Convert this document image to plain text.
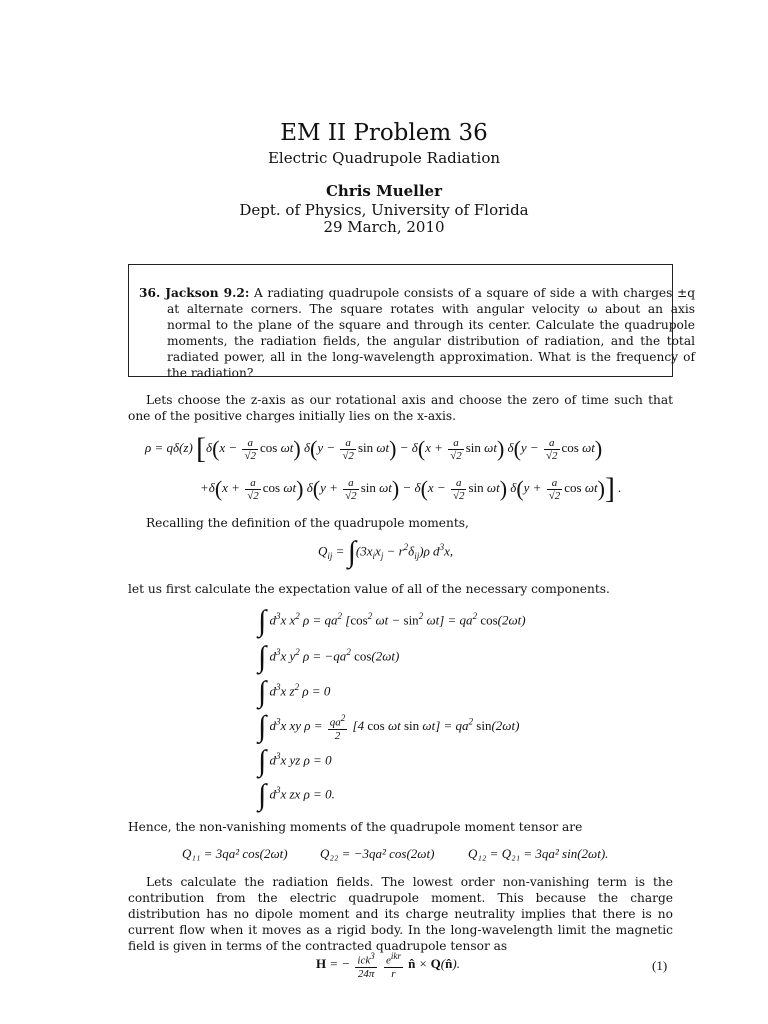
EM II Problem 36
Electric Quadrupole Radiation
Chris Mueller
Dept. of Physics, University of Florida
29 March, 2010
36. Jackson 9.2: A radiating quadrupole consists of a square of side a with charges ±q at alternate corners. The square rotates with angular velocity ω about an axis normal to the plane of the square and through its center. Calculate the quadrupole moments, the radiation fields, the angular distribution of radiation, and the total radiated power, all in the long-wavelength approximation. What is the frequency of the radiation?
Lets choose the z-axis as our rotational axis and choose the zero of time such that one of the positive charges initially lies on the x-axis.
ρ = qδ(z) [$\delta(x - \frac{a}{√2}$ cos ωt) $\delta(y - \frac{a}{√2}$ $\sin \omega t) - \delta(x + \frac{a}{√2}$ sin ωt) $\delta(y - \frac{a}{√2}$ cos ωt)
$+\delta(x + \frac{a}{√2}$ cos ωt) $\delta(y + \frac{a}{√2}$ $\sin \omega t) - \delta(x - \frac{a}{√2}$ sin ωt) $\delta(y + \frac{a}{√2}$ cos ωt)] .
Recalling the definition of the quadrupole moments,
$Q_{ij} = \int(3x_ix_j - r^2\delta_{ij})\rho$ $d^3x$,
let us first calculate the expectation value of all of the necessary components.
∫ $d^3x$ $x^2$ $\rho = qa^2$ [$\cos^2$ $\omega t - \sin^2 \omega t] = qa^2$ cos(2ωt)
∫ $d^3x$ $y^2$ $\rho = -qa^2$ cos(2ωt)
∫ $d^3x$ $z^2$ ρ = 0
∫ $d^3x$ xy $\rho = \frac{qa^2}{2} [4$ cos ωt $\sin \omega t] = qa^2$ sin(2ωt)
∫ $d^3x$ yz ρ = 0
∫ $d^3x$ zx ρ = 0.
Hence, the non-vanishing moments of the quadrupole moment tensor are
Q₁₁ = 3qa² cos(2ωt) Q₂₂ = −3qa² cos(2ωt)	Q₁₂ = Q₂₁ = 3qa² sin(2ωt).
Lets calculate the radiation fields. The lowest order non-vanishing term is the contribution from the electric quadrupole moment. This because the charge distribution has no dipole moment and its charge neutrality implies that there is no current flow when it moves as a rigid body. In the long-wavelength limit the magnetic field is given in terms of the contracted quadrupole tensor as
H = − $\frac{ick^3}{24\pi}$
$\frac{e^{ikr}}{r}$ n̂ × Q(n̂).	(1)
